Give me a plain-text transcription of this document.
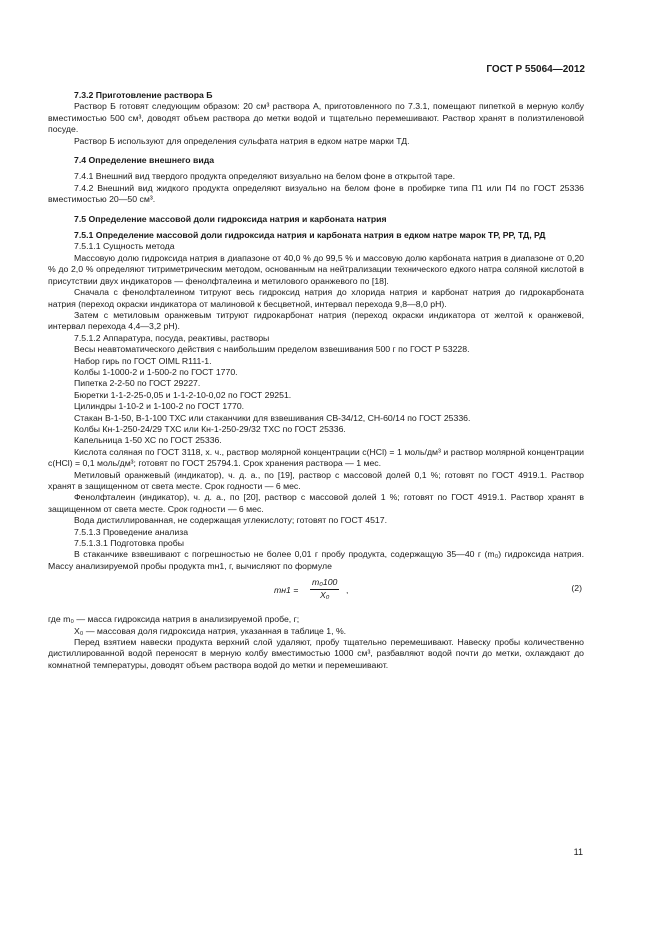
ГОСТ Р 55064—2012

7.3.2 Приготовление раствора Б

Раствор Б готовят следующим образом: 20 см³ раствора А, приготовленного по 7.3.1, помещают пипеткой в мерную колбу вместимостью 500 см³, доводят объем раствора до метки водой и тщательно перемешивают. Раствор хранят в полиэтиленовой посуде.

Раствор Б используют для определения сульфата натрия в едком натре марки ТД.

7.4 Определение внешнего вида

7.4.1 Внешний вид твердого продукта определяют визуально на белом фоне в открытой таре.

7.4.2 Внешний вид жидкого продукта определяют визуально на белом фоне в пробирке типа П1 или П4 по ГОСТ 25336 вместимостью 20—50 см³.

7.5 Определение массовой доли гидроксида натрия и карбоната натрия

7.5.1 Определение массовой доли гидроксида натрия и карбоната натрия в едком натре марок ТР, РР, ТД, РД

7.5.1.1 Сущность метода

Массовую долю гидроксида натрия в диапазоне от 40,0 % до 99,5 % и массовую долю карбоната натрия в диапазоне от 0,20 % до 2,0 % определяют титриметрическим методом, основанным на нейтрализации технического едкого натра соляной кислотой в присутствии двух индикаторов — фенолфталеина и метилового оранжевого по [18].

Сначала с фенолфталеином титруют весь гидроксид натрия до хлорида натрия и карбонат натрия до гидрокарбоната натрия (переход окраски индикатора от малиновой к бесцветной, интервал перехода 9,8—8,0 рН).

Затем с метиловым оранжевым титруют гидрокарбонат натрия (переход окраски индикатора от желтой к оранжевой, интервал перехода 4,4—3,2 рН).

7.5.1.2 Аппаратура, посуда, реактивы, растворы

Весы неавтоматического действия с наибольшим пределом взвешивания 500 г по ГОСТ Р 53228.

Набор гирь по ГОСТ OIML R111-1.

Колбы 1-1000-2 и 1-500-2 по ГОСТ 1770.

Пипетка 2-2-50 по ГОСТ 29227.

Бюретки 1-1-2-25-0,05 и 1-1-2-10-0,02 по ГОСТ 29251.

Цилиндры 1-10-2 и 1-100-2 по ГОСТ 1770.

Стакан В-1-50, В-1-100 ТХС или стаканчики для взвешивания СВ-34/12, СН-60/14 по ГОСТ 25336.

Колбы Кн-1-250-24/29 ТХС или Кн-1-250-29/32 ТХС по ГОСТ 25336.

Капельница 1-50 ХС по ГОСТ 25336.

Кислота соляная по ГОСТ 3118, х. ч., раствор молярной концентрации c(HCl) = 1 моль/дм³ и раствор молярной концентрации c(HCl) = 0,1 моль/дм³; готовят по ГОСТ 25794.1. Срок хранения раствора — 1 мес.

Метиловый оранжевый (индикатор), ч. д. а., по [19], раствор с массовой долей 0,1 %; готовят по ГОСТ 4919.1. Раствор хранят в защищенном от света месте. Срок годности — 6 мес.

Фенолфталеин (индикатор), ч. д. а., по [20], раствор с массовой долей 1 %; готовят по ГОСТ 4919.1. Раствор хранят в защищенном от света месте. Срок годности — 6 мес.

Вода дистиллированная, не содержащая углекислоту; готовят по ГОСТ 4517.

7.5.1.3 Проведение анализа

7.5.1.3.1 Подготовка пробы

В стаканчике взвешивают с погрешностью не более 0,01 г пробу продукта, содержащую 35—40 г (m₀) гидроксида натрия. Массу анализируемой пробы продукта mн1, г, вычисляют по формуле

$mн1 = \frac{\text{m₀100}}{\text{X₀}}$ ,	(2)

где m₀ — масса гидроксида натрия в анализируемой пробе, г;

X₀ — массовая доля гидроксида натрия, указанная в таблице 1, %.

Перед взятием навески продукта верхний слой удаляют, пробу тщательно перемешивают. Навеску пробы количественно дистиллированной водой переносят в мерную колбу вместимостью 1000 см³, разбавляют водой почти до метки, охлаждают до комнатной температуры, доводят объем раствора водой до метки и перемешивают.

11
